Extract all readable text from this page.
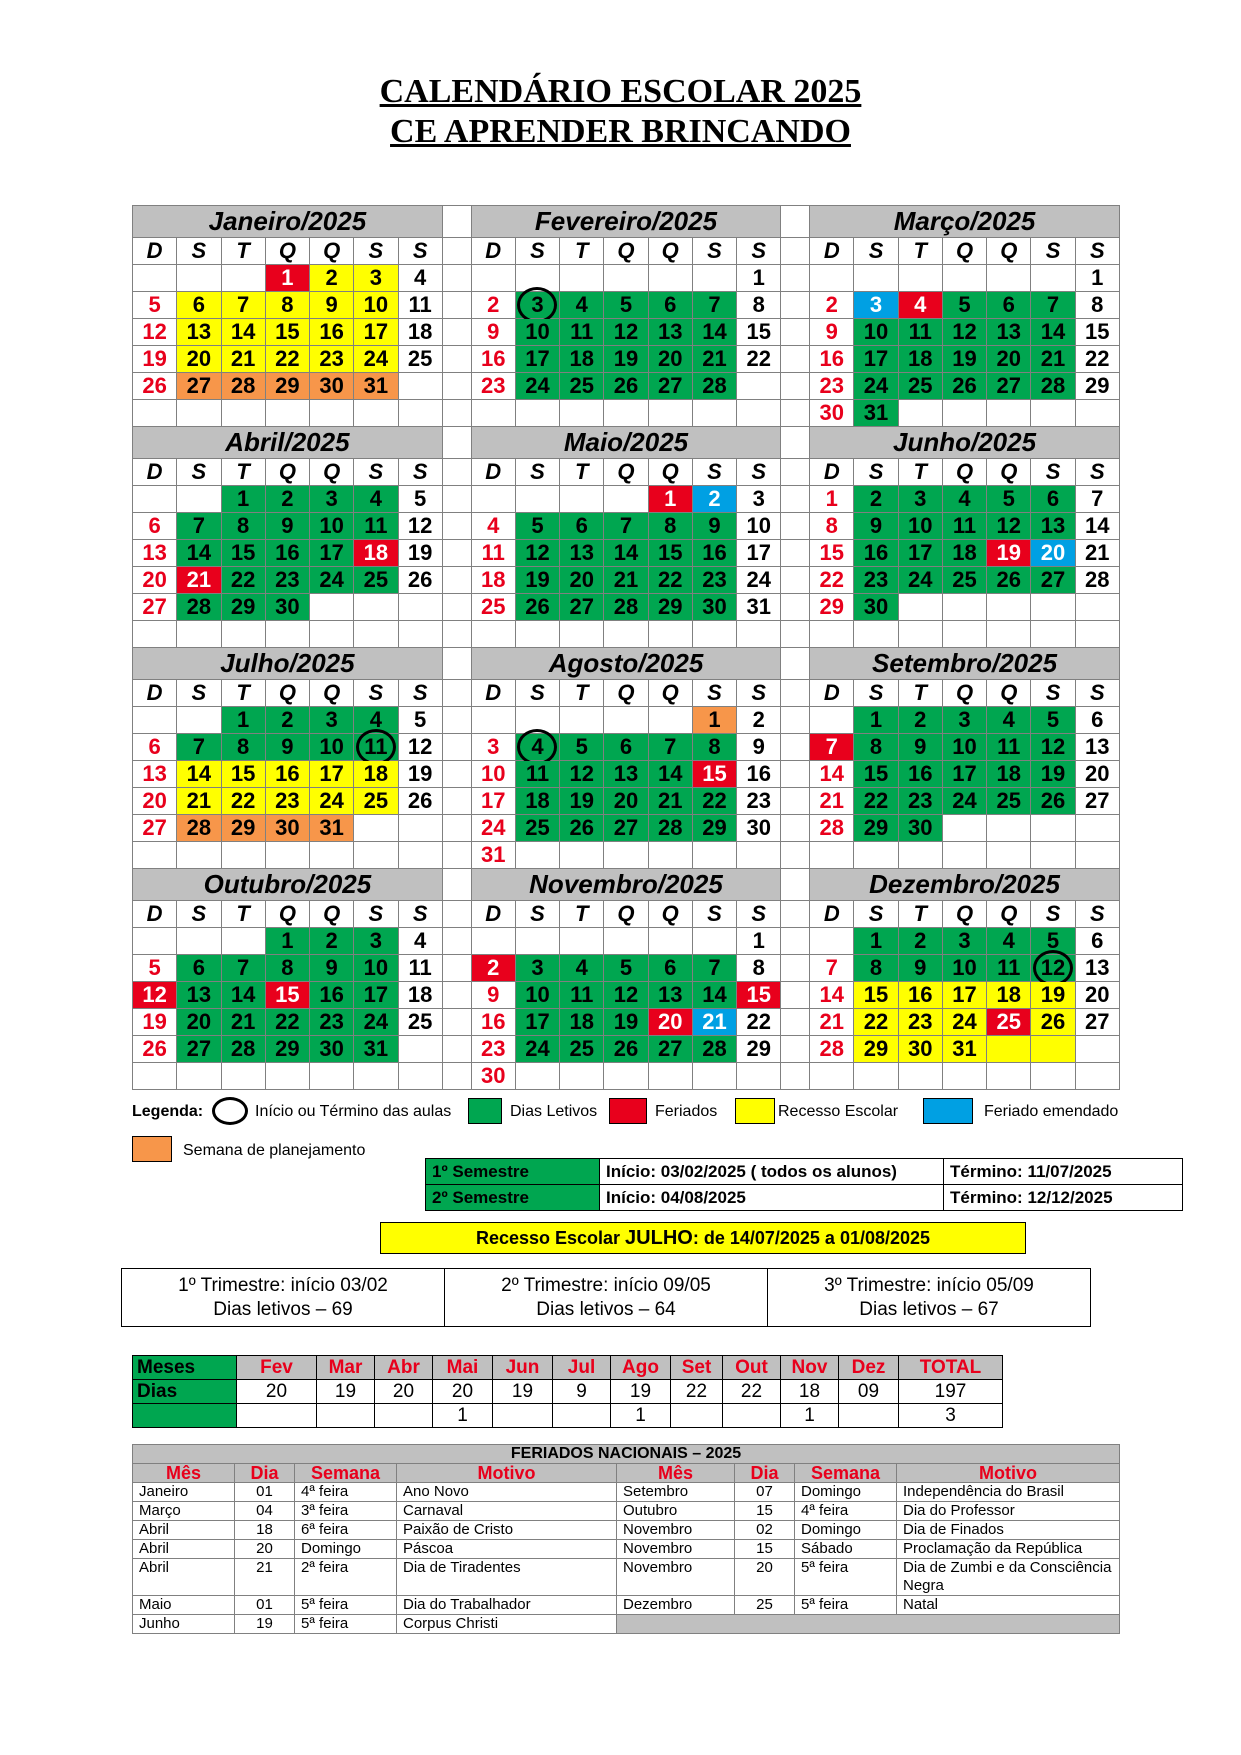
CALENDÁRIO ESCOLAR 2025
CE APRENDER BRINCANDO
Janeiro/2025								Fevereiro/2025								Março/2025						
D	S	T	Q	Q	S	S		D	S	T	Q	Q	S	S		D	S	T	Q	Q	S	S
			1	2	3	4								1								1
5	6	7	8	9	10	11		2	3	4	5	6	7	8		2	3	4	5	6	7	8
12	13	14	15	16	17	18		9	10	11	12	13	14	15		9	10	11	12	13	14	15
19	20	21	22	23	24	25		16	17	18	19	20	21	22		16	17	18	19	20	21	22
26	27	28	29	30	31			23	24	25	26	27	28			23	24	25	26	27	28	29
																30	31					
Abril/2025								Maio/2025								Junho/2025						
D	S	T	Q	Q	S	S		D	S	T	Q	Q	S	S		D	S	T	Q	Q	S	S
		1	2	3	4	5						1	2	3		1	2	3	4	5	6	7
6	7	8	9	10	11	12		4	5	6	7	8	9	10		8	9	10	11	12	13	14
13	14	15	16	17	18	19		11	12	13	14	15	16	17		15	16	17	18	19	20	21
20	21	22	23	24	25	26		18	19	20	21	22	23	24		22	23	24	25	26	27	28
27	28	29	30					25	26	27	28	29	30	31		29	30					

Julho/2025								Agosto/2025								Setembro/2025						
D	S	T	Q	Q	S	S		D	S	T	Q	Q	S	S		D	S	T	Q	Q	S	S
		1	2	3	4	5							1	2			1	2	3	4	5	6
6	7	8	9	10	11	12		3	4	5	6	7	8	9		7	8	9	10	11	12	13
13	14	15	16	17	18	19		10	11	12	13	14	15	16		14	15	16	17	18	19	20
20	21	22	23	24	25	26		17	18	19	20	21	22	23		21	22	23	24	25	26	27
27	28	29	30	31				24	25	26	27	28	29	30		28	29	30				
								31														
Outubro/2025								Novembro/2025								Dezembro/2025						
D	S	T	Q	Q	S	S		D	S	T	Q	Q	S	S		D	S	T	Q	Q	S	S
			1	2	3	4								1			1	2	3	4	5	6
5	6	7	8	9	10	11		2	3	4	5	6	7	8		7	8	9	10	11	12	13
12	13	14	15	16	17	18		9	10	11	12	13	14	15		14	15	16	17	18	19	20
19	20	21	22	23	24	25		16	17	18	19	20	21	22		21	22	23	24	25	26	27
26	27	28	29	30	31			23	24	25	26	27	28	29		28	29	30	31			
								30														
Legenda:	Início ou Término das aulas	Dias Letivos	Feriados	Recesso Escolar	Feriado emendado
Semana de planejamento
1º Semestre	Início: 03/02/2025 ( todos os alunos)	Término: 11/07/2025
2º Semestre	Início: 04/08/2025	Término: 12/12/2025
Recesso Escolar JULHO: de 14/07/2025 a 01/08/2025
1º Trimestre: início 03/02
Dias letivos – 69

2º Trimestre: início 09/05
Dias letivos – 64

3º Trimestre: início 05/09
Dias letivos – 67
Meses	Fev	Mar	Abr	Mai	Jun	Jul	Ago	Set	Out	Nov	Dez	TOTAL
Dias	20	19	20	20	19	9	19	22	22	18	09	197
				1			1			1		3
FERIADOS NACIONAIS – 2025							
Mês	Dia	Semana	Motivo	Mês	Dia	Semana	Motivo
Janeiro	01	4ª feira	Ano Novo	Setembro	07	Domingo	Independência do Brasil
Março	04	3ª feira	Carnaval	Outubro	15	4ª feira	Dia do Professor
Abril	18	6ª feira	Paixão de Cristo	Novembro	02	Domingo	Dia de Finados
Abril	20	Domingo	Páscoa	Novembro	15	Sábado	Proclamação da República
Abril	21	2ª feira	Dia de Tiradentes	Novembro	20	5ª feira	Dia de Zumbi e da Consciência Negra
Maio	01	5ª feira	Dia do Trabalhador	Dezembro	25	5ª feira	Natal
Junho	19	5ª feira	Corpus Christi				
